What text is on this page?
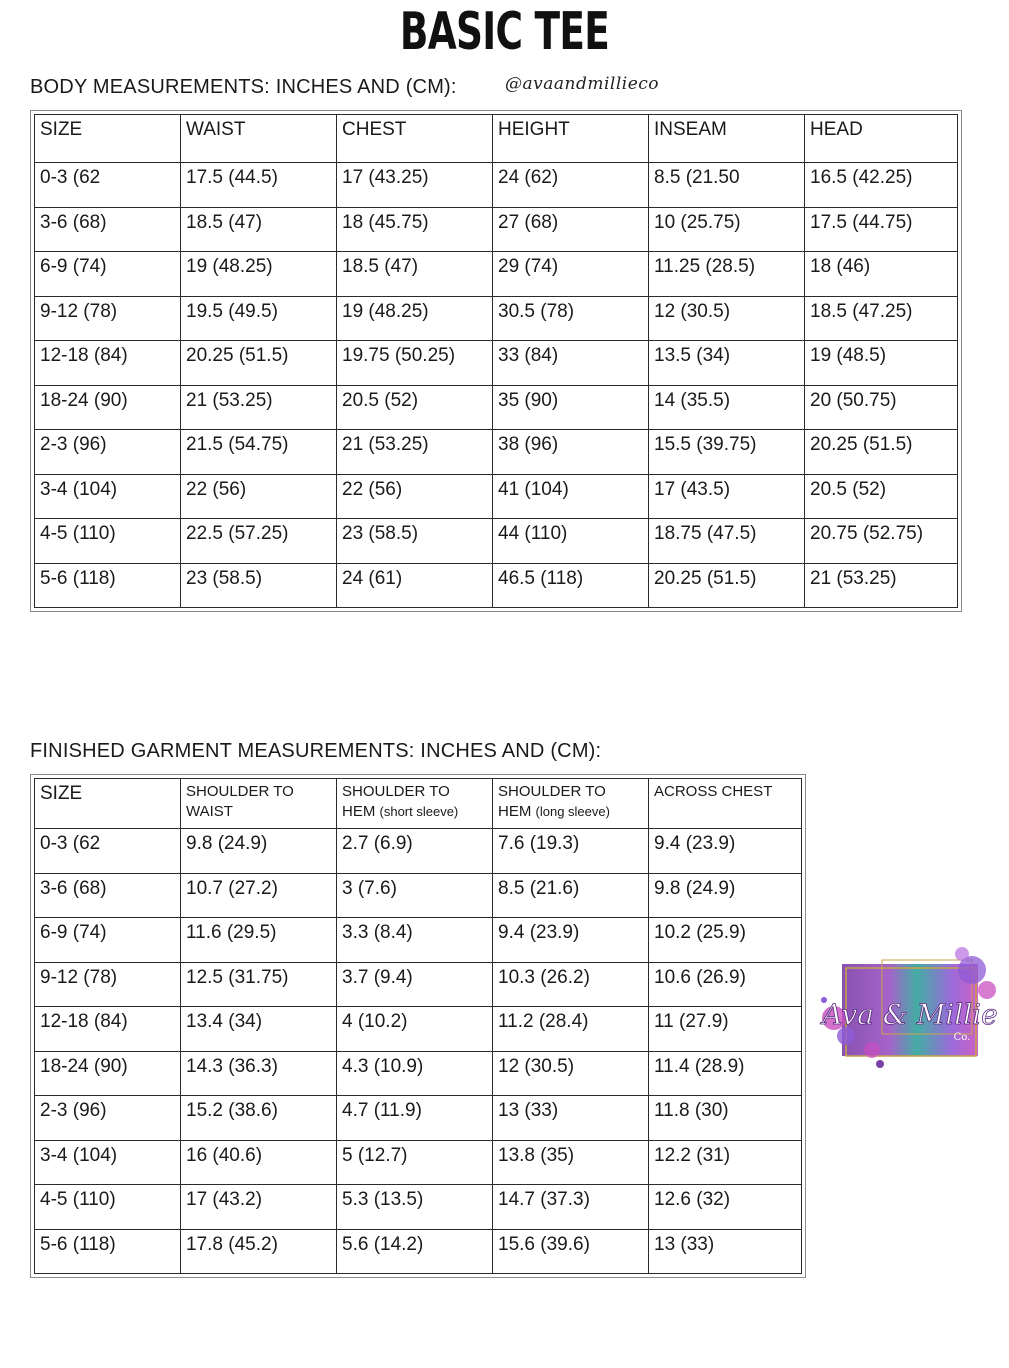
BASIC TEE
@avaandmillieco
BODY MEASUREMENTS: INCHES AND (CM):
SIZE	WAIST	CHEST	HEIGHT	INSEAM	HEAD
0-3 (62	17.5 (44.5)	17 (43.25)	24 (62)	8.5 (21.50	16.5 (42.25)
3-6 (68)	18.5 (47)	18 (45.75)	27 (68)	10 (25.75)	17.5 (44.75)
6-9 (74)	19 (48.25)	18.5 (47)	29 (74)	11.25 (28.5)	18 (46)
9-12 (78)	19.5 (49.5)	19 (48.25)	30.5 (78)	12 (30.5)	18.5 (47.25)
12-18 (84)	20.25 (51.5)	19.75 (50.25)	33 (84)	13.5 (34)	19 (48.5)
18-24 (90)	21 (53.25)	20.5 (52)	35 (90)	14 (35.5)	20 (50.75)
2-3 (96)	21.5 (54.75)	21 (53.25)	38 (96)	15.5 (39.75)	20.25 (51.5)
3-4 (104)	22 (56)	22 (56)	41 (104)	17 (43.5)	20.5 (52)
4-5 (110)	22.5 (57.25)	23 (58.5)	44 (110)	18.75 (47.5)	20.75 (52.75)
5-6 (118)	23 (58.5)	24 (61)	46.5 (118)	20.25 (51.5)	21 (53.25)
FINISHED GARMENT MEASUREMENTS: INCHES AND (CM):
SIZE	SHOULDER TO WAIST	SHOULDER TO HEM (short sleeve)	SHOULDER TO HEM (long sleeve)	ACROSS CHEST
0-3 (62	9.8 (24.9)	2.7 (6.9)	7.6 (19.3)	9.4 (23.9)
3-6 (68)	10.7 (27.2)	3 (7.6)	8.5 (21.6)	9.8 (24.9)
6-9 (74)	11.6 (29.5)	3.3 (8.4)	9.4 (23.9)	10.2 (25.9)
9-12 (78)	12.5 (31.75)	3.7 (9.4)	10.3 (26.2)	10.6 (26.9)
12-18 (84)	13.4 (34)	4 (10.2)	11.2 (28.4)	11 (27.9)
18-24 (90)	14.3 (36.3)	4.3 (10.9)	12 (30.5)	11.4 (28.9)
2-3 (96)	15.2 (38.6)	4.7 (11.9)	13 (33)	11.8 (30)
3-4 (104)	16 (40.6)	5 (12.7)	13.8 (35)	12.2 (31)
4-5 (110)	17 (43.2)	5.3 (13.5)	14.7 (37.3)	12.6 (32)
5-6 (118)	17.8 (45.2)	5.6 (14.2)	15.6 (39.6)	13 (33)
Ava & Millie
Co.
